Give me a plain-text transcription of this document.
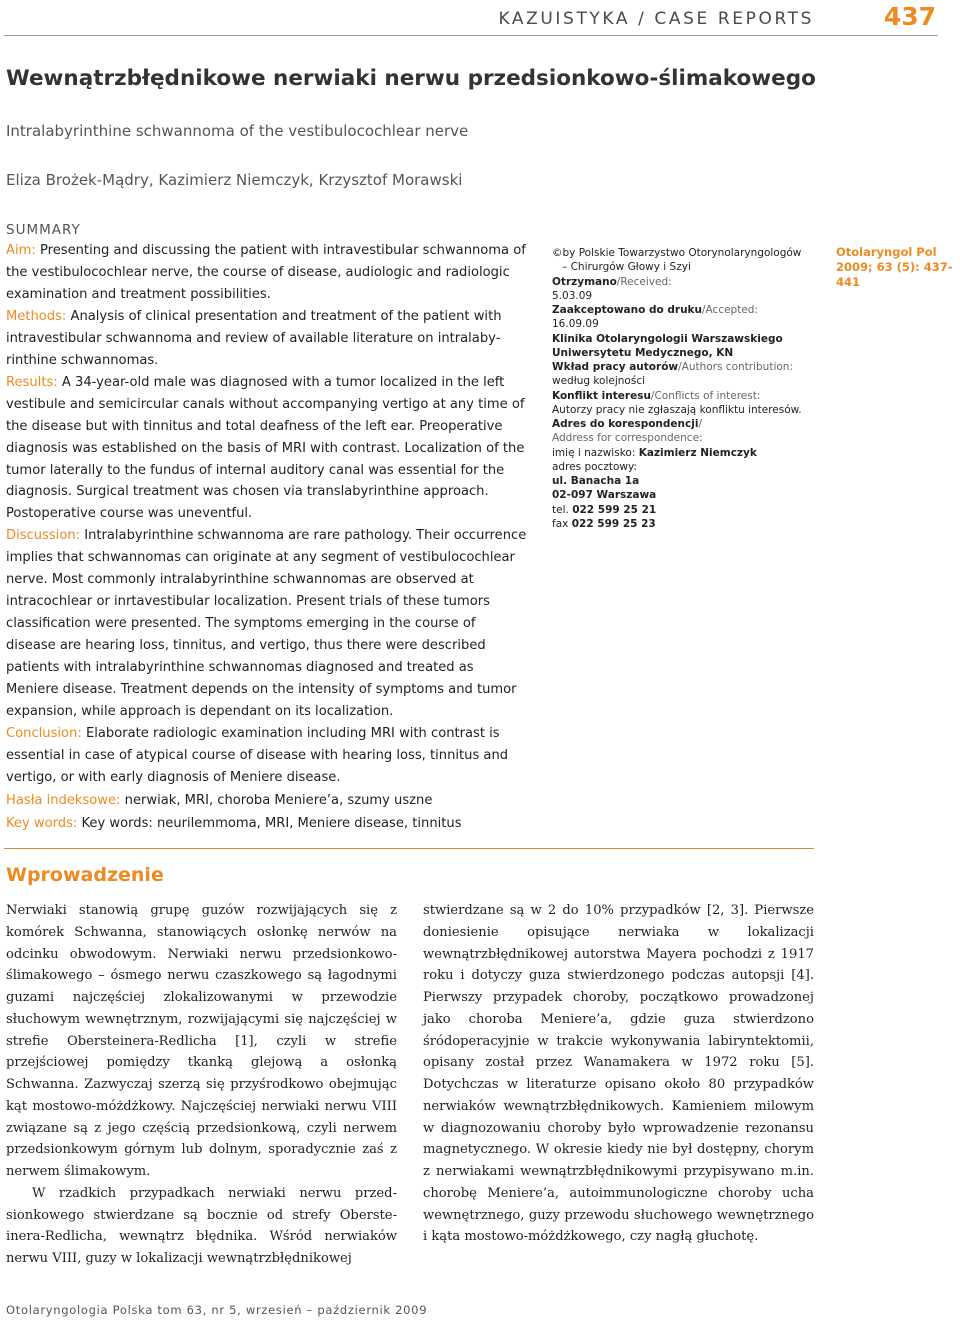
KAZUISTYKA / CASE REPORTS	437
Wewnątrzbłędnikowe nerwiaki nerwu przedsionkowo-ślimakowego
Intralabyrinthine schwannoma of the vestibulocochlear nerve
Eliza Brożek-Mądry, Kazimierz Niemczyk, Krzysztof Morawski
SUMMARY

Aim: Presenting and discussing the patient with intravestibular schwannoma of the vestibulocochlear nerve, the course of disease, audiologic and radiologic examination and treatment possibilities.

Methods: Analysis of clinical presentation and treatment of the patient with intravestibular schwannoma and review of available literature on intralabyrinthine schwannomas.

Results: A 34-year-old male was diagnosed with a tumor localized in the left vestibule and semicircular canals without accompanying vertigo at any time of the disease but with tinnitus and total deafness of the left ear. Preoperative diagnosis was established on the basis of MRI with contrast. Localization of the tumor laterally to the fundus of internal auditory canal was essential for the diagnosis. Surgical treatment was chosen via translabyrinthine approach. Postoperative course was uneventful.

Discussion: Intralabyrinthine schwannoma are rare pathology. Their occurrence implies that schwannomas can originate at any segment of vestibulocochlear nerve. Most commonly intralabyrinthine schwannomas are observed at intracochlear or inrtavestibular localization. Present trials of these tumors classification were presented. The symptoms emerging in the course of disease are hearing loss, tinnitus, and vertigo, thus there were described patients with intralabyrinthine schwannomas diagnosed and treated as Meniere disease. Treatment depends on the intensity of symptoms and tumor expansion, while approach is dependant on its localization.

Conclusion: Elaborate radiologic examination including MRI with contrast is essential in case of atypical course of disease with hearing loss, tinnitus and vertigo, or with early diagnosis of Meniere disease.

Hasła indeksowe: nerwiak, MRI, choroba Meniere’a, szumy uszne
Key words: Key words: neurilemmoma, MRI, Meniere disease, tinnitus
©by Polskie Towarzystwo Otorynolaryngologów
– Chirurgów Głowy i Szyi
Otrzymano/Received:
5.03.09
Zaakceptowano do druku/Accepted:
16.09.09
Klinika Otolaryngologii Warszawskiego
Uniwersytetu Medycznego, KN
Wkład pracy autorów/Authors contribution:
według kolejności
Konflikt interesu/Conflicts of interest:
Autorzy pracy nie zgłaszają konfliktu interesów.
Adres do korespondencji/
Address for correspondence:
imię i nazwisko: Kazimierz Niemczyk
adres pocztowy:
ul. Banacha 1a
02-097 Warszawa
tel. 022 599 25 21
fax 022 599 25 23
Otolaryngol Pol 2009; 63 (5): 437-441
Wprowadzenie

Nerwiaki stanowią grupę guzów rozwijających się z komórek Schwanna, stanowiących osłonkę nerwów na odcinku obwodowym. Nerwiaki nerwu przedsionkowo-ślimakowego – ósmego nerwu czaszkowego są łagodnymi guzami najczęściej zlokalizowanymi w przewodzie słuchowym wewnętrznym, rozwijającymi się najczęściej w strefie Obersteinera-Redlicha [1], czyli w strefie przejściowej pomiędzy tkanką glejową a osłonką Schwanna. Zazwyczaj szerzą się przyśrodkowo obejmując kąt mostowo-móżdżkowy. Najczęściej nerwiaki nerwu VIII związane są z jego częścią przedsionkową, czyli nerwem przedsionkowym górnym lub dolnym, sporadycznie zaś z nerwem ślimakowym.

W rzadkich przypadkach nerwiaki nerwu przedsionkowego stwierdzane są bocznie od strefy Obersteinera-Redlicha, wewnątrz błędnika. Wśród nerwiaków nerwu VIII, guzy w lokalizacji wewnątrzbłędnikowej

stwierdzane są w 2 do 10% przypadków [2, 3]. Pierwsze doniesienie opisujące nerwiaka w lokalizacji wewnątrzbłędnikowej autorstwa Mayera pochodzi z 1917 roku i dotyczy guza stwierdzonego podczas autopsji [4]. Pierwszy przypadek choroby, początkowo prowadzonej jako choroba Meniere’a, gdzie guza stwierdzono śródoperacyjnie w trakcie wykonywania labiryntektomii, opisany został przez Wanamakera w 1972 roku [5]. Dotychczas w literaturze opisano około 80 przypadków nerwiaków wewnątrzbłędnikowych. Kamieniem milowym w diagnozowaniu choroby było wprowadzenie rezonansu magnetycznego. W okresie kiedy nie był dostępny, chorym z nerwiakami wewnątrzbłędnikowymi przypisywano m.in. chorobę Meniere’a, autoimmunologiczne choroby ucha wewnętrznego, guzy przewodu słuchowego wewnętrznego i kąta mostowo-móżdżkowego, czy nagłą głuchotę.

Otolaryngologia Polska tom 63, nr 5, wrzesień – październik 2009
